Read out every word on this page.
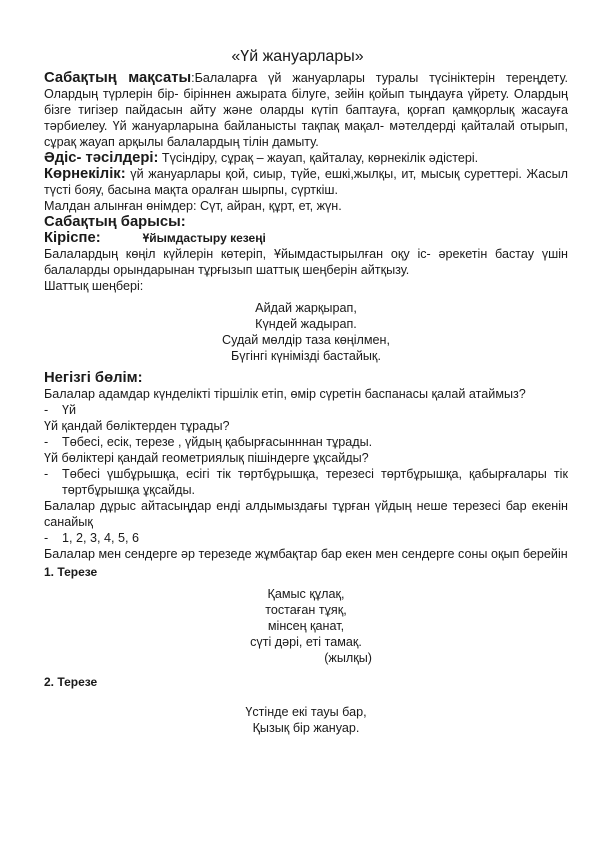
«Үй жануарлары»

Сабақтың мақсаты:Балаларға үй жануарлары туралы түсініктерін тереңдету. Олардың түрлерін бір- біріннен ажырата білуге, зейін қойып тыңдауға үйрету. Олардың бізге тигізер пайдасын айту және оларды күтіп баптауға, қорғап қамқорлық жасауға тәрбиелеу. Үй жануарларына байланысты тақпақ мақал- мәтелдерді қайталай отырып, сұрақ жауап арқылы балалардың тілін дамыту.

Әдіс- тәсілдері: Түсіндіру, сұрақ – жауап, қайталау, көрнекілік әдістері.

Көрнекілік: үй жануарлары қой, сиыр, түйе, ешкі,жылқы, ит, мысық суреттері. Жасыл түсті бояу, басына мақта оралған шырпы, сүрткіш.

Малдан алынған өнімдер: Сүт, айран, құрт, ет, жүн.

Сабақтың барысы:

Кіріспе:	Ұйымдастыру кезеңі

Балалардың көңіл күйлерін көтеріп, Ұйымдастырылған оқу іс- әрекетін бастау үшін балаларды орындарынан тұрғызып шаттық шеңберін айтқызу.

Шаттық шеңбері:

Айдай жарқырап,

Күндей жадырап.

Судай мөлдір таза көңілмен,

Бүгінгі күнімізді бастайық.

Негізгі бөлім:

Балалар адамдар күнделікті тіршілік етіп, өмір сүретін баспанасы қалай атаймыз?

-	Үй

Үй қандай бөліктерден тұрады?

-	Төбесі, есік, терезе , үйдың қабырғасынннан тұрады.

Үй бөліктері қандай геометриялық пішіндерге ұқсайды?

-	Төбесі үшбұрышқа, есігі тік төртбұрышқа, терезесі төртбұрышқа, қабырғалары тік төртбұрышқа ұқсайды.

Балалар дұрыс айтасыңдар енді алдымыздағы тұрған үйдың неше терезесі бар екенін санайық

-	1, 2, 3, 4, 5, 6

Балалар мен сендерге әр терезеде жұмбақтар бар екен мен сендерге соны оқып берейін

1. Терезе

Қамыс құлақ,

тостаған тұяқ,

мінсең қанат,

сүті дәрі, еті тамақ.

(жылқы)

2. Терезе

Үстінде екі тауы бар,

Қызық бір жануар.
